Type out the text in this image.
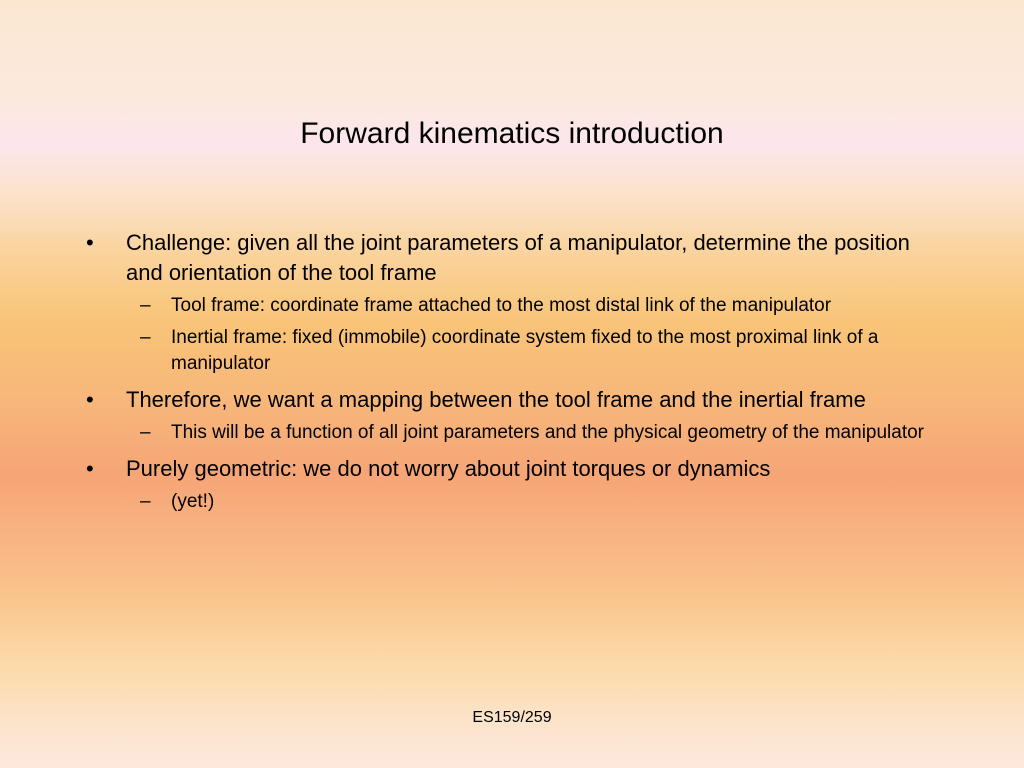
Forward kinematics introduction
•	Challenge: given all the joint parameters of a manipulator, determine the position and orientation of the tool frame
– Tool frame: coordinate frame attached to the most distal link of the manipulator
– Inertial frame: fixed (immobile) coordinate system fixed to the most proximal link of a manipulator
•	Therefore, we want a mapping between the tool frame and the inertial frame
– This will be a function of all joint parameters and the physical geometry of the manipulator
•	Purely geometric: we do not worry about joint torques or dynamics
– (yet!)
ES159/259
